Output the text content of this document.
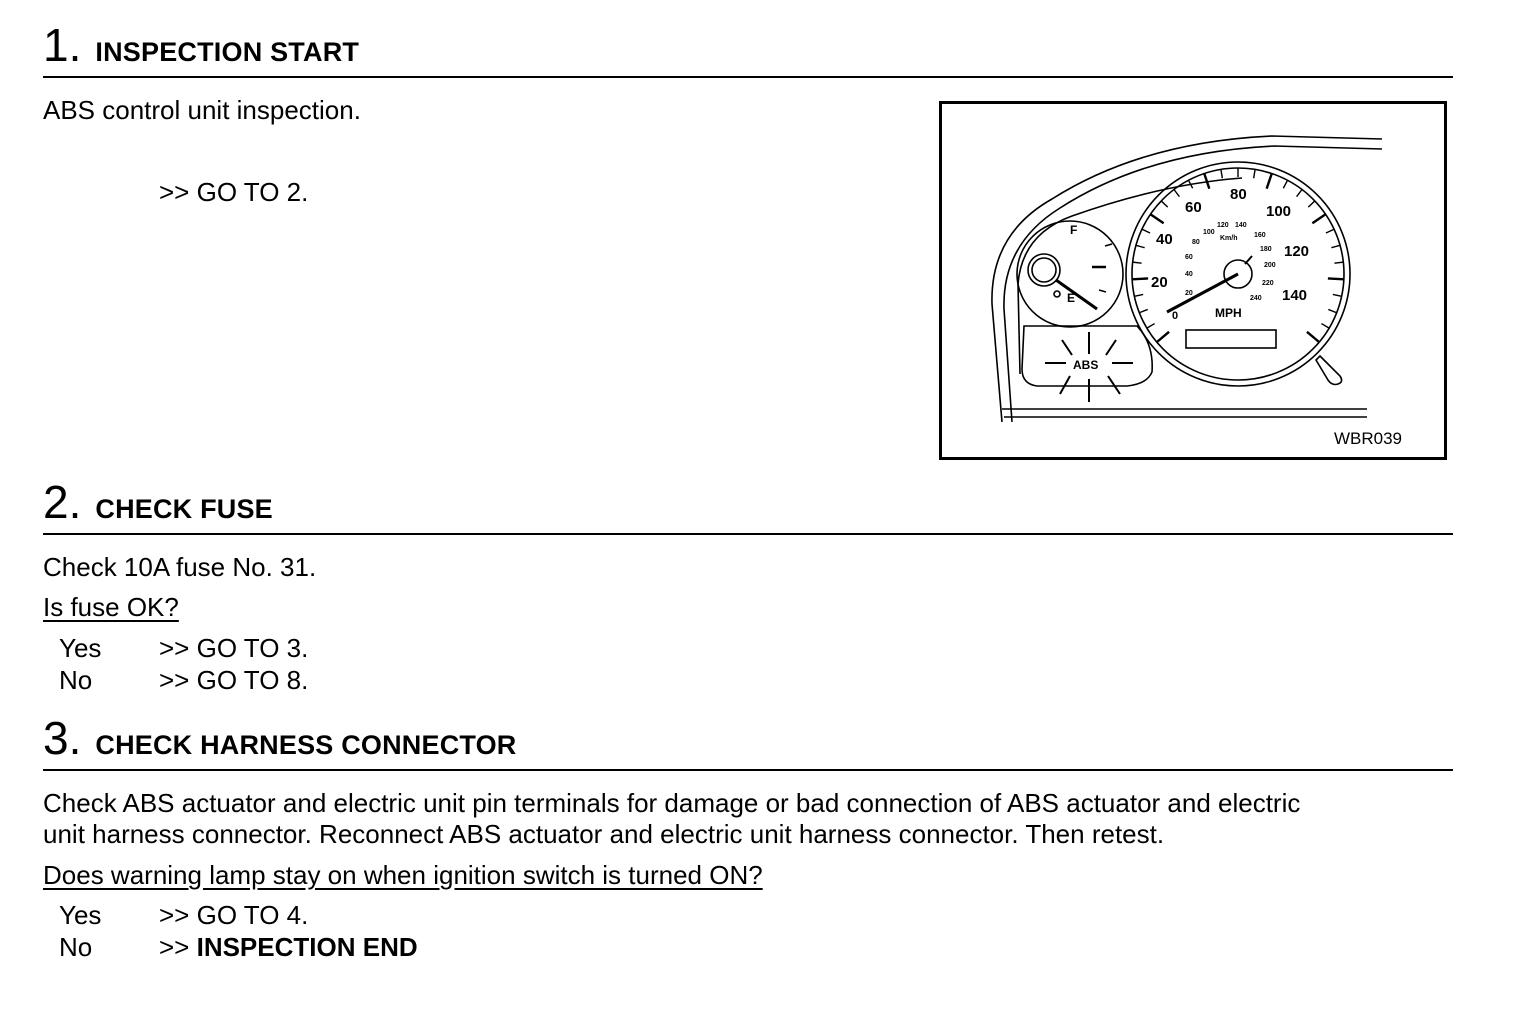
1. INSPECTION START
ABS control unit inspection.
>> GO TO 2.
F
E
20
40
60
80
100
120
140
0	MPH
ABS
20
40
60
80
100
120 140
160
180
200
220
240
Km/h
WBR039
2. CHECK FUSE
Check 10A fuse No. 31.
Is fuse OK?
Yes	>> GO TO 3.
No	>> GO TO 8.
3. CHECK HARNESS CONNECTOR
Check ABS actuator and electric unit pin terminals for damage or bad connection of ABS actuator and electric
unit harness connector. Reconnect ABS actuator and electric unit harness connector. Then retest.
Does warning lamp stay on when ignition switch is turned ON?
Yes	>> GO TO 4.
No	>> INSPECTION END
